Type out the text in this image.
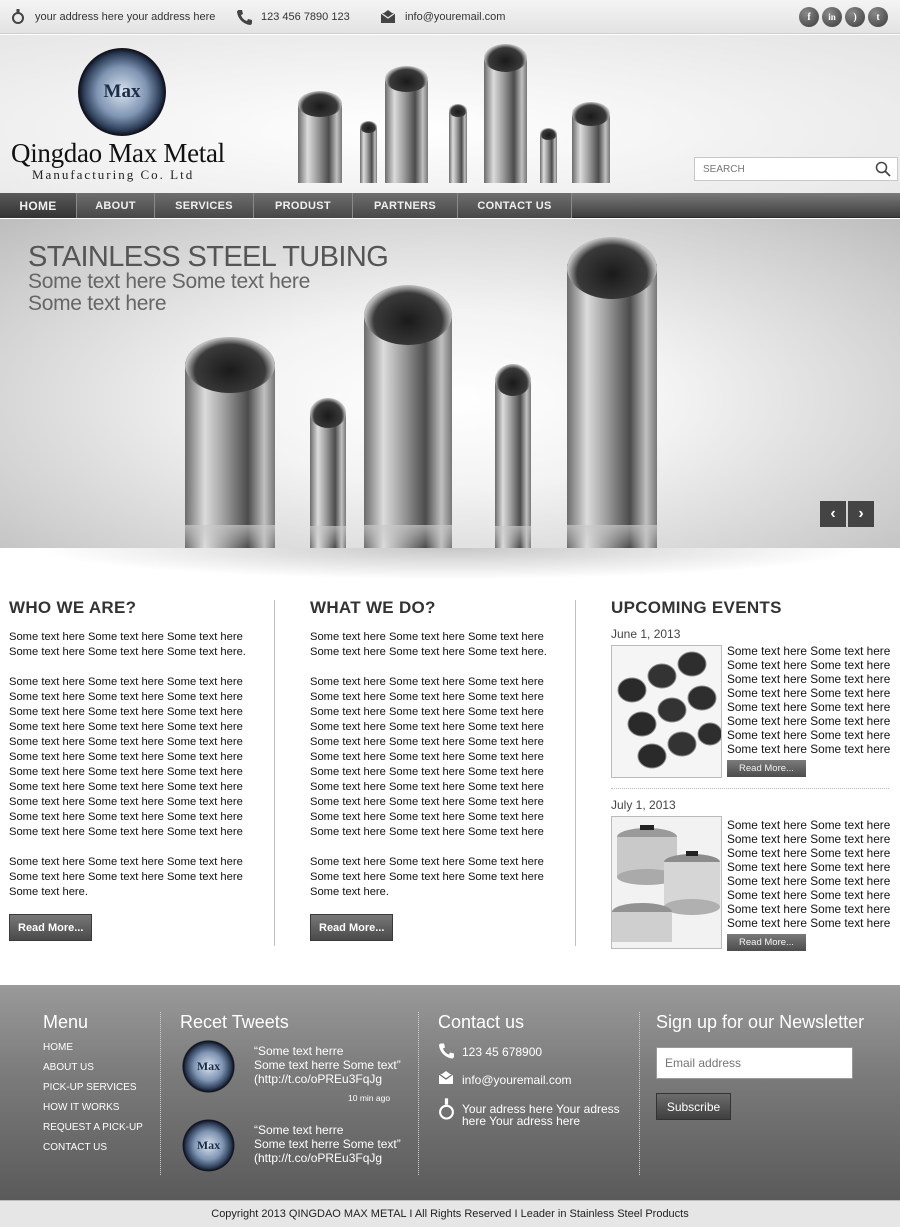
your address here your address here	123 456 7890 123	info@youremail.com	f	in	)	t
Max
Qingdao Max Metal
Manufacturing Co. Ltd
SEARCH
HOME	ABOUT	SERVICES	PRODUST	PARTNERS	CONTACT US
STAINLESS STEEL TUBING
Some text here Some text here
Some text here
‹	›
WHO WE ARE?
Some text here Some text here Some text here
Some text here Some text here Some text here.
Some text here Some text here Some text here
Some text here Some text here Some text here
Some text here Some text here Some text here
Some text here Some text here Some text here
Some text here Some text here Some text here
Some text here Some text here Some text here
Some text here Some text here Some text here
Some text here Some text here Some text here
Some text here Some text here Some text here
Some text here Some text here Some text here
Some text here Some text here Some text here
Some text here Some text here Some text here
Some text here Some text here Some text here
Some text here.
Read More...
WHAT WE DO?
Some text here Some text here Some text here
Some text here Some text here Some text here.
Some text here Some text here Some text here
Some text here Some text here Some text here
Some text here Some text here Some text here
Some text here Some text here Some text here
Some text here Some text here Some text here
Some text here Some text here Some text here
Some text here Some text here Some text here
Some text here Some text here Some text here
Some text here Some text here Some text here
Some text here Some text here Some text here
Some text here Some text here Some text here
Some text here Some text here Some text here
Some text here Some text here Some text here
Some text here.
Read More...
UPCOMING EVENTS
June 1, 2013
Some text here Some text here
Some text here Some text here
Some text here Some text here
Some text here Some text here
Some text here Some text here
Some text here Some text here
Some text here Some text here
Some text here Some text here
Read More...
July 1, 2013
Some text here Some text here
Some text here Some text here
Some text here Some text here
Some text here Some text here
Some text here Some text here
Some text here Some text here
Some text here Some text here
Some text here Some text here
Read More...
Menu
HOME
ABOUT US
PICK-UP SERVICES
HOW IT WORKS
REQUEST A PICK-UP
CONTACT US
Recet Tweets
Max
“Some text herre
Some text herre Some text”
(http://t.co/oPREu3FqJg
10 min ago
Max
“Some text herre
Some text herre Some text”
(http://t.co/oPREu3FqJg
Contact us
123 45 678900
info@youremail.com
Your adress here Your adress
here Your adress here
Sign up for our Newsletter
Email address
Subscribe
Copyright 2013 QINGDAO MAX METAL I All Rights Reserved I Leader in Stainless Steel Products
